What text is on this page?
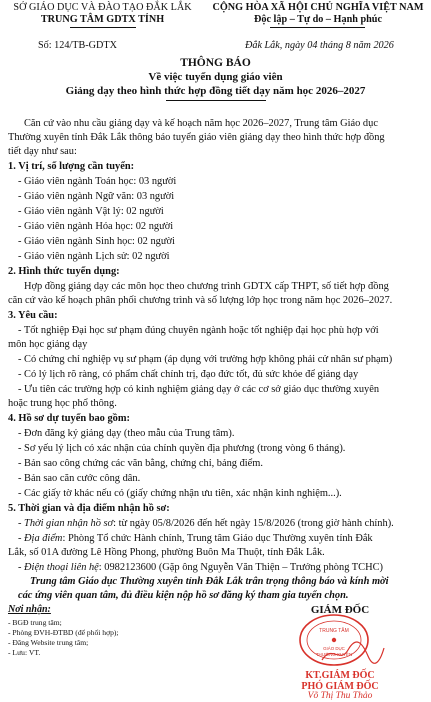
SỞ GIÁO DỤC VÀ ĐÀO TẠO ĐẮK LẮK
TRUNG TÂM GDTX TỈNH
Số: 124/TB-GDTX
CỘNG HÒA XÃ HỘI CHỦ NGHĨA VIỆT NAM
Độc lập – Tự do – Hạnh phúc
Đắk Lắk, ngày 04 tháng 8 năm 2026
THÔNG BÁO
Về việc tuyển dụng giáo viên
Giảng dạy theo hình thức hợp đồng tiết dạy năm học 2026–2027
Căn cứ vào nhu cầu giảng dạy và kế hoạch năm học 2026–2027, Trung tâm Giáo dục
Thường xuyên tỉnh Đắk Lắk thông báo tuyển giáo viên giảng dạy theo hình thức hợp đồng
tiết dạy như sau:
1. Vị trí, số lượng cần tuyển:
- Giáo viên ngành Toán học: 03 người
- Giáo viên ngành Ngữ văn: 03 người
- Giáo viên ngành Vật lý: 02 người
- Giáo viên ngành Hóa học: 02 người
- Giáo viên ngành Sinh học: 02 người
- Giáo viên ngành Lịch sử: 02 người
2. Hình thức tuyển dụng:
Hợp đồng giảng dạy các môn học theo chương trình GDTX cấp THPT, số tiết hợp đồng
căn cứ vào kế hoạch phân phối chương trình và số lượng lớp học trong năm học 2026–2027.
3. Yêu cầu:
- Tốt nghiệp Đại học sư phạm đúng chuyên ngành hoặc tốt nghiệp đại học phù hợp với
môn học giảng dạy
- Có chứng chỉ nghiệp vụ sư phạm (áp dụng với trường hợp không phải cử nhân sư phạm)
- Có lý lịch rõ ràng, có phẩm chất chính trị, đạo đức tốt, đủ sức khỏe để giảng dạy
- Ưu tiên các trường hợp có kinh nghiệm giảng dạy ở các cơ sở giáo dục thường xuyên
hoặc trung học phổ thông.
4. Hồ sơ dự tuyển bao gồm:
- Đơn đăng ký giảng dạy (theo mẫu của Trung tâm).
- Sơ yếu lý lịch có xác nhận của chính quyền địa phương (trong vòng 6 tháng).
- Bản sao công chứng các văn bằng, chứng chỉ, bảng điểm.
- Bản sao căn cước công dân.
- Các giấy tờ khác nếu có (giấy chứng nhận ưu tiên, xác nhận kinh nghiệm...).
5. Thời gian và địa điểm nhận hồ sơ:
- Thời gian nhận hồ sơ: từ ngày 05/8/2026 đến hết ngày 15/8/2026 (trong giờ hành chính).
- Địa điểm: Phòng Tổ chức Hành chính, Trung tâm Giáo dục Thường xuyên tỉnh Đắk
Lắk, số 01A đường Lê Hồng Phong, phường Buôn Ma Thuột, tỉnh Đắk Lắk.
- Điện thoại liên hệ: 0982123600 (Gặp ông Nguyễn Văn Thiện – Trưởng phòng TCHC)
Trung tâm Giáo dục Thường xuyên tỉnh Đắk Lắk trân trọng thông báo và kính mời
các ứng viên quan tâm, đủ điều kiện nộp hồ sơ đăng ký tham gia tuyển chọn.
Nơi nhận:
- BGĐ trung tâm;
- Phòng ĐVH-ĐTBD (để phối hợp);
- Đăng Website trung tâm;
- Lưu: VT.
GIÁM ĐỐC
TRUNG TÂM
GIÁO DỤC
THƯỜNG XUYÊN
KT.GIÁM ĐỐC
PHÓ GIÁM ĐỐC
Võ Thị Thu Thảo
